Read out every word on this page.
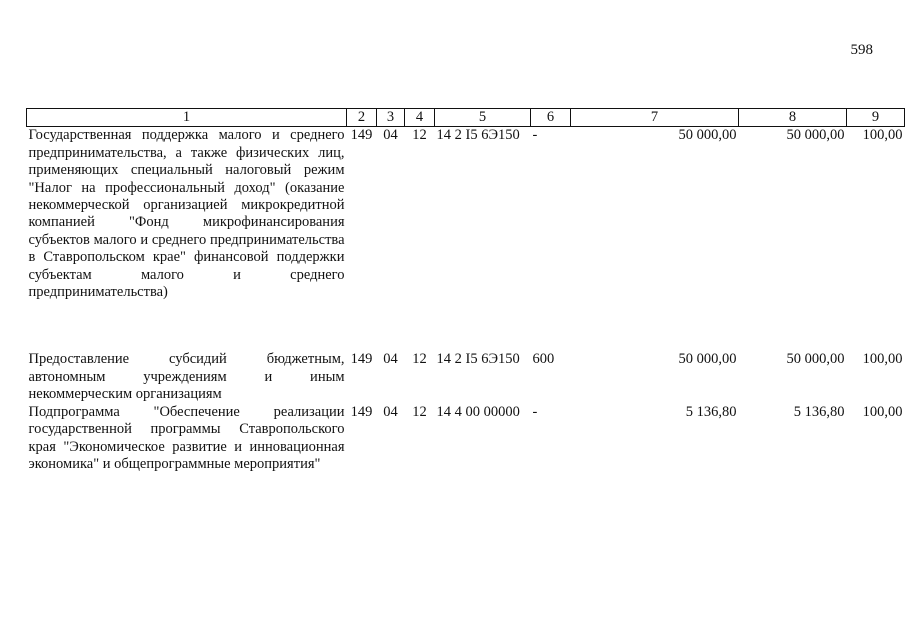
598
1	2	3	4	5	6	7	8	9
Государственная поддержка малого и среднего предпринимательства, а также физических лиц, применяющих специальный налоговый режим "Налог на профессиональный доход" (оказание некоммерческой организацией микрокредитной компанией "Фонд микрофинансирования субъектов малого и среднего предпринимательства в Ставропольском крае" финансовой поддержки субъектам малого и среднего предпринимательства)	149	04	12	14 2 I5 6Э150	-	50 000,00	50 000,00	100,00
Предоставление субсидий бюджетным, автономным учреждениям и иным некоммерческим организациям	149	04	12	14 2 I5 6Э150	600	50 000,00	50 000,00	100,00
Подпрограмма "Обеспечение реализации государственной программы Ставропольского края "Экономическое развитие и инновационная экономика" и общепрограммные мероприятия"	149	04	12	14 4 00 00000	-	5 136,80	5 136,80	100,00
